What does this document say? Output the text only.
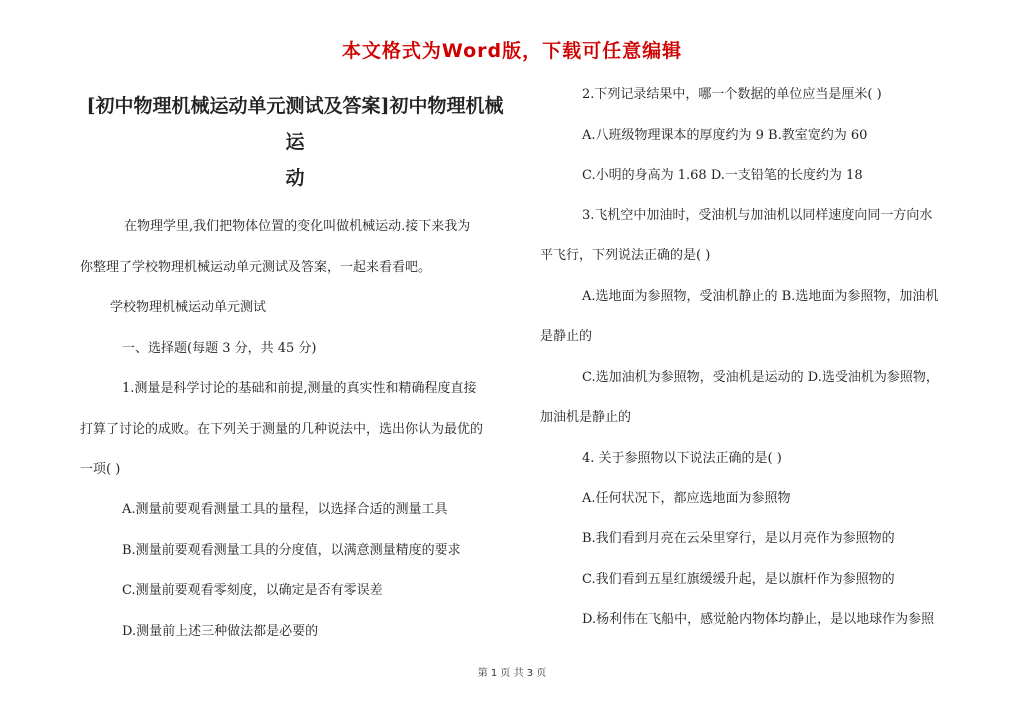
本文格式为Word版，下载可任意编辑

[初中物理机械运动单元测试及答案]初中物理机械运

动

在物理学里,我们把物体位置的变化叫做机械运动.接下来我为

你整理了学校物理机械运动单元测试及答案，一起来看看吧。

学校物理机械运动单元测试

一、选择题(每题 3 分，共 45 分)

1.测量是科学讨论的基础和前提,测量的真实性和精确程度直接

打算了讨论的成败。在下列关于测量的几种说法中，选出你认为最优的

一项( )

A.测量前要观看测量工具的量程，以选择合适的测量工具

B.测量前要观看测量工具的分度值，以满意测量精度的要求

C.测量前要观看零刻度，以确定是否有零误差

D.测量前上述三种做法都是必要的

2.下列记录结果中，哪一个数据的单位应当是厘米( )

A.八班级物理课本的厚度约为 9 B.教室宽约为 60

C.小明的身高为 1.68 D.一支铅笔的长度约为 18

3.飞机空中加油时，受油机与加油机以同样速度向同一方向水

平飞行，下列说法正确的是( )

A.选地面为参照物，受油机静止的 B.选地面为参照物，加油机

是静止的

C.选加油机为参照物，受油机是运动的 D.选受油机为参照物，

加油机是静止的

4. 关于参照物以下说法正确的是( )

A.任何状况下，都应选地面为参照物

B.我们看到月亮在云朵里穿行，是以月亮作为参照物的

C.我们看到五星红旗缓缓升起，是以旗杆作为参照物的

D.杨利伟在飞船中，感觉舱内物体均静止，是以地球作为参照

第 1 页 共 3 页
